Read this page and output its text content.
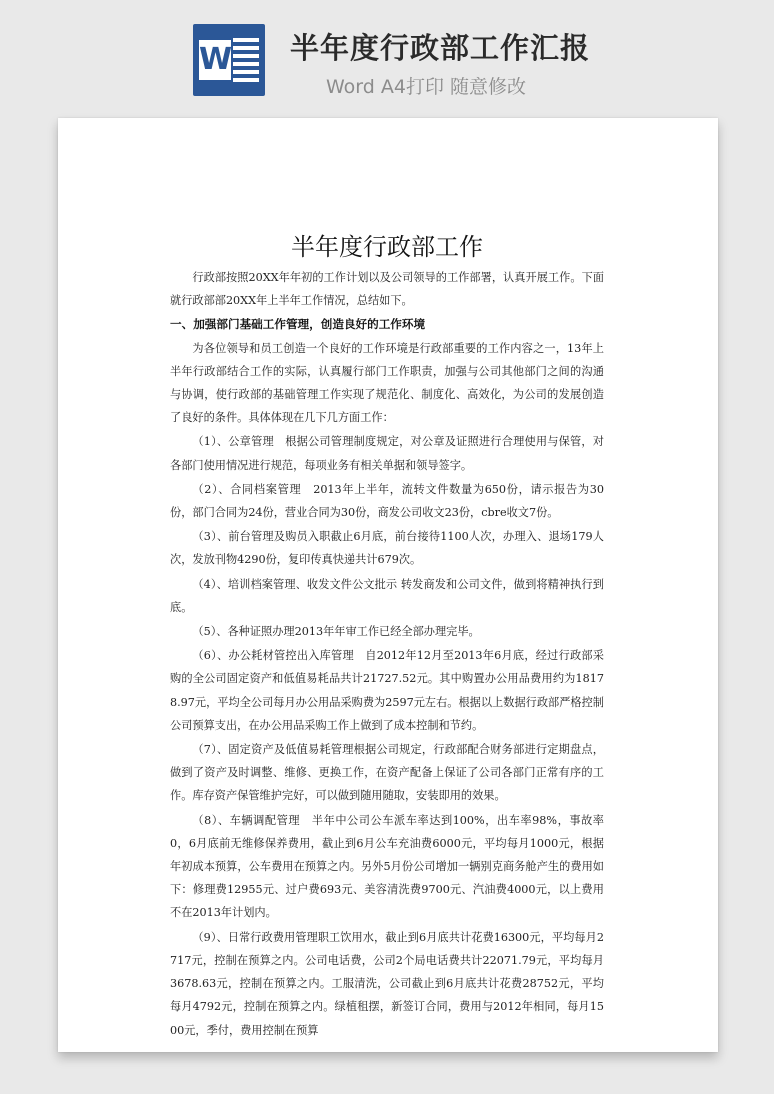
W 半年度行政部工作汇报
Word A4打印 随意修改

半年度行政部工作

行政部按照20XX年年初的工作计划以及公司领导的工作部署，认真开展工作。下面就行政部部20XX年上半年工作情况，总结如下。

一、加强部门基础工作管理，创造良好的工作环境

为各位领导和员工创造一个良好的工作环境是行政部重要的工作内容之一，13年上半年行政部结合工作的实际，认真履行部门工作职责，加强与公司其他部门之间的沟通与协调，使行政部的基础管理工作实现了规范化、制度化、高效化，为公司的发展创造了良好的条件。具体体现在几下几方面工作：

（1）、公章管理　根据公司管理制度规定，对公章及证照进行合理使用与保管，对各部门使用情况进行规范，每项业务有相关单据和领导签字。

（2）、合同档案管理　2013年上半年，流转文件数量为650份，请示报告为30份，部门合同为24份，营业合同为30份，商发公司收文23份，cbre收文7份。

（3）、前台管理及购员入职截止6月底，前台接待1100人次，办理入、退场179人次，发放刊物4290份，复印传真快递共计679次。

（4）、培训档案管理、收发文件公文批示 转发商发和公司文件，做到将精神执行到底。

（5）、各种证照办理2013年年审工作已经全部办理完毕。

（6）、办公耗材管控出入库管理　自2012年12月至2013年6月底，经过行政部采购的全公司固定资产和低值易耗品共计21727.52元。其中购置办公用品费用约为18178.97元，平均全公司每月办公用品采购费为2597元左右。根据以上数据行政部严格控制公司预算支出，在办公用品采购工作上做到了成本控制和节约。

（7）、固定资产及低值易耗管理根据公司规定，行政部配合财务部进行定期盘点，做到了资产及时调整、维修、更换工作，在资产配备上保证了公司各部门正常有序的工作。库存资产保管维护完好，可以做到随用随取，安装即用的效果。

（8）、车辆调配管理　半年中公司公车派车率达到100%，出车率98%，事故率0，6月底前无维修保养费用，截止到6月公车充油费6000元，平均每月1000元，根据年初成本预算，公车费用在预算之内。另外5月份公司增加一辆别克商务舱产生的费用如下：修理费12955元、过户费693元、美容清洗费9700元、汽油费4000元，以上费用不在2013年计划内。

（9）、日常行政费用管理职工饮用水，截止到6月底共计花费16300元，平均每月2717元，控制在预算之内。公司电话费，公司2个局电话费共计22071.79元，平均每月3678.63元，控制在预算之内。工服清洗，公司截止到6月底共计花费28752元，平均每月4792元，控制在预算之内。绿植租摆，新签订合同，费用与2012年相同，每月1500元，季付，费用控制在预算
